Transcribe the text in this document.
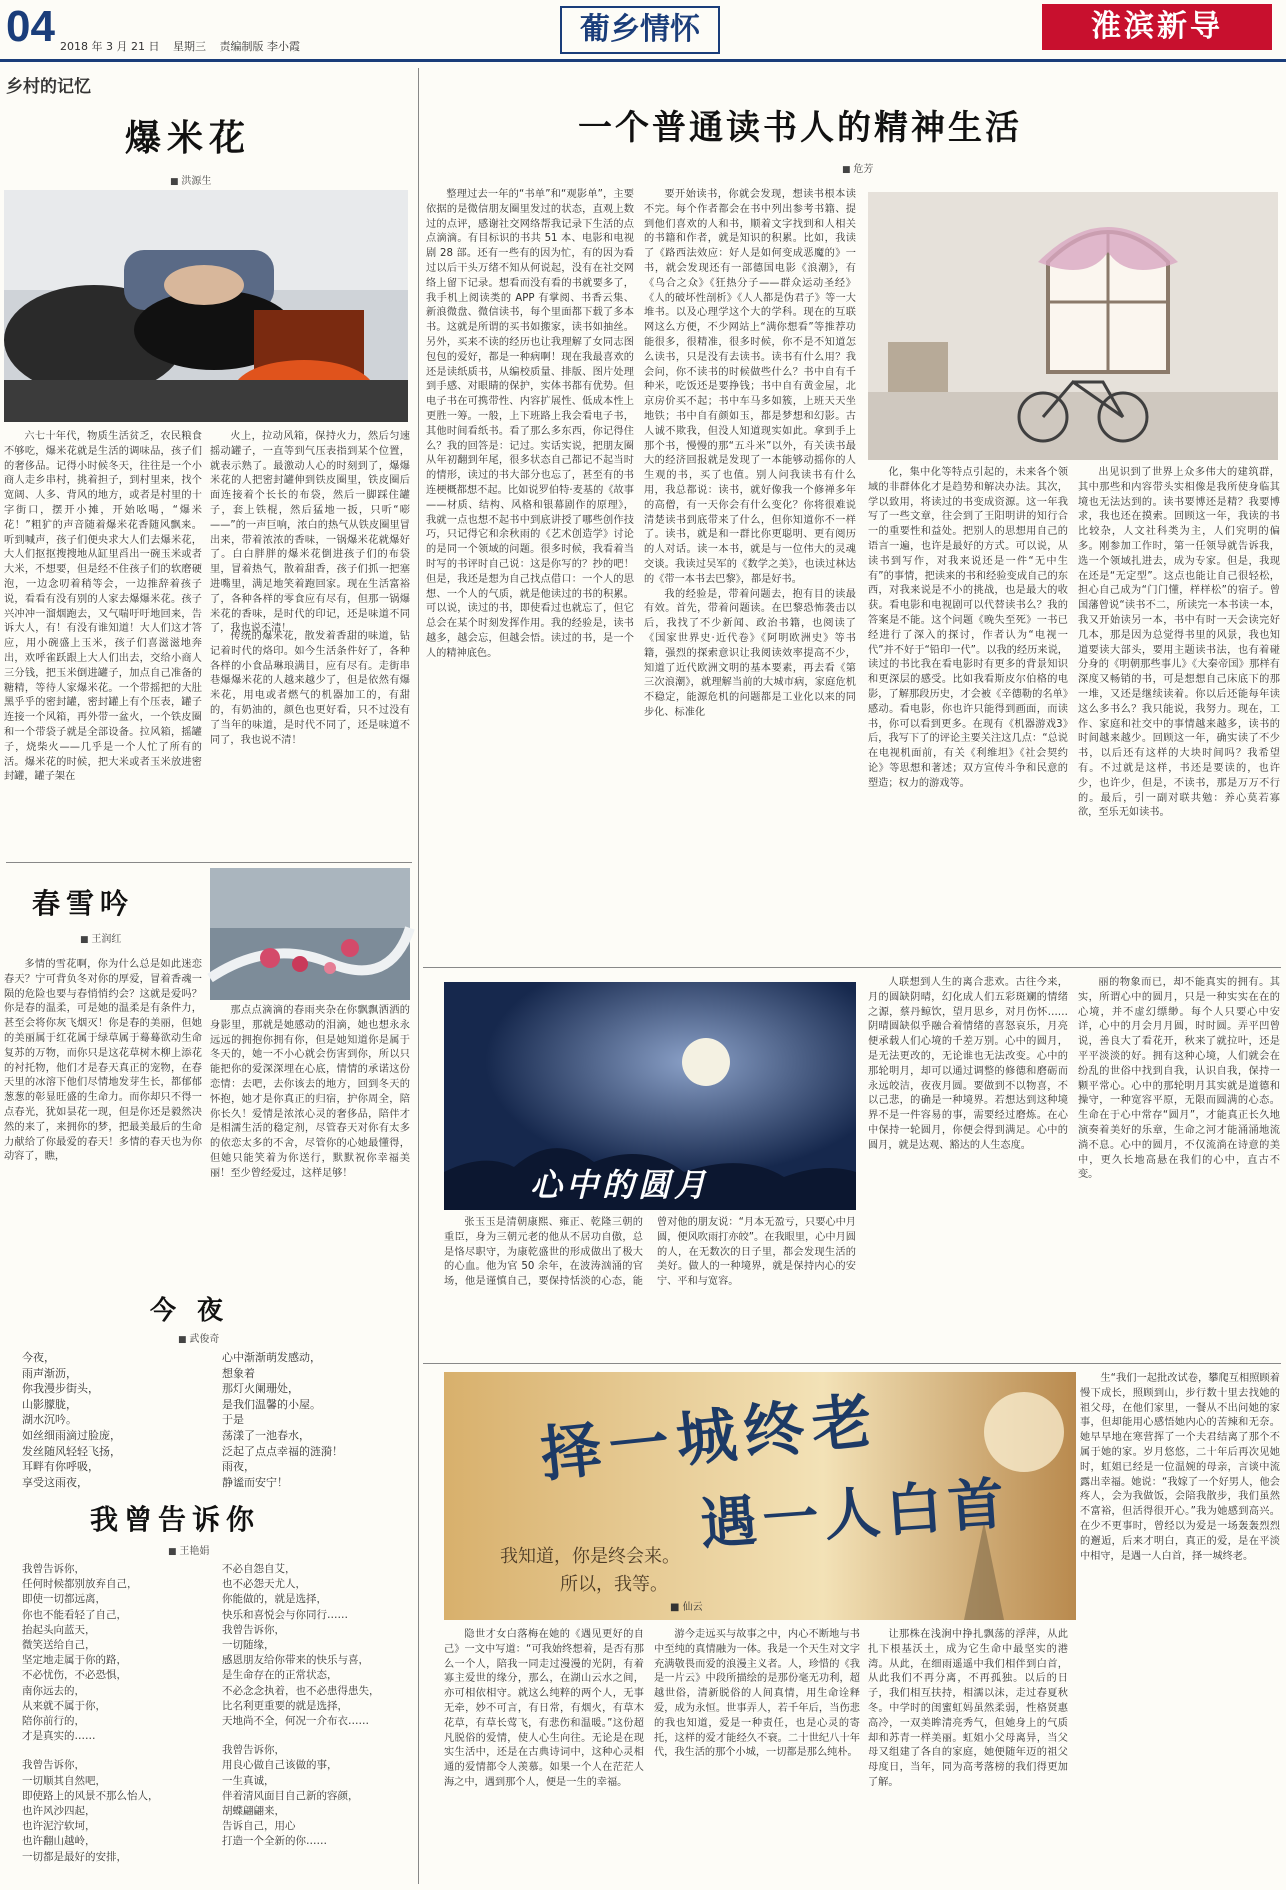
04 2018 年 3 月 21 日 星期三 责编制版 李小霞	葡乡情怀	淮滨新导
乡村的记忆
爆米花
■ 洪源生

六七十年代，物质生活贫乏，农民粮食不够吃，爆米花就是生活的调味品，孩子们的奢侈品。记得小时候冬天，往往是一个小商人走乡串村，挑着担子，到村里来，找个宽阔、人多、背风的地方，或者是村里的十字街口，摆开小摊，开始吆喝，“爆米花！”粗犷的声音随着爆米花香随风飘来。听到喊声，孩子们便央求大人们去爆米花，大人们抠抠搜搜地从缸里舀出一碗玉米或者大米，不想要，但是经不住孩子们的软磨硬泡，一边念叨着稍等会，一边推辞着孩子说，看看有没有别的人家去爆爆米花。孩子兴冲冲一溜烟跑去，又气喘吁吁地回来，告诉大人，有！有没有谁知道！大人们这才答应，用小碗盛上玉米，孩子们喜滋滋地奔出，欢呼雀跃跟上大人们出去，交给小商人三分钱，把玉米倒进罐子，加点自己准备的糖精，等待人家爆米花。一个带摇把的大肚黑乎乎的密封罐，密封罐上有个压表，罐子连接一个风箱，再外带一盆火，一个铁皮圈和一个带袋子就是全部设备。拉风箱，摇罐子，烧柴火——几乎是一个人忙了所有的活。爆米花的时候，把大米或者玉米放进密封罐，罐子架在

火上，拉动风箱，保持火力，然后匀速摇动罐子，一直等到气压表指到某个位置，就表示熟了。最激动人心的时刻到了，爆爆米花的人把密封罐伸到铁皮圈里，铁皮圈后面连接着个长长的布袋，然后一脚踩住罐子，套上铁棍，然后猛地一扳，只听“嘭——”的一声巨响，浓白的热气从铁皮圈里冒出来，带着浓浓的香味，一锅爆米花就爆好了。白白胖胖的爆米花倒进孩子们的布袋里，冒着热气，散着甜香，孩子们抓一把塞进嘴里，满足地笑着跑回家。现在生活富裕了，各种各样的零食应有尽有，但那一锅爆米花的香味，是时代的印记，还是味道不同了，我也说不清！

传统的爆米花，散发着香甜的味道，钻记着时代的烙印。如今生活条件好了，各种各样的小食品琳琅满目，应有尽有。走街串巷爆爆米花的人越来越少了，但是依然有爆米花，用电或者燃气的机器加工的，有甜的，有奶油的，颜色也更好看，只不过没有了当年的味道，是时代不同了，还是味道不同了，我也说不清！

春雪吟
■ 王润红

多情的雪花啊，你为什么总是如此迷恋春天？宁可背负冬对你的厚爱，冒着香魂一陨的危险也要与春悄悄约会？这就是爱吗？你是春的温柔，可是她的温柔是有条件力，甚至会将你灰飞烟灭！你是春的美丽，但她的美丽属于红花属于绿草属于蓦蓦欲动生命复苏的万物，而你只是这花草树木柳上添花的衬托物，他们才是春天真正的宠物，在春天里的冰溶下他们尽情地发芽生长，都郁郁葱葱的彰显旺盛的生命力。而你却只不得一点春光，犹如昙花一现，但是你还是毅然决然的来了，来拥你的梦，把最美最后的生命力献给了你最爱的春天！多情的春天也为你动容了，瞧，

那点点滴滴的春雨夹杂在你飘飘洒洒的身影里，那就是她感动的泪滴，她也想永永远远的拥抱你拥有你，但是她知道你是属于冬天的，她一不小心就会伤害到你，所以只能把你的爱深深埋在心底，情情的承诺这份恋情：去吧，去你该去的地方，回到冬天的怀抱，她才是你真正的归宿，护你周全，陪你长久！爱情是浓浓心灵的奢侈品，陪伴才是相濡生活的稳定剂，尽管春天对你有太多的依恋太多的不舍，尽管你的心她最懂得，但她只能笑着为你送行，默默祝你幸福美丽！至少曾经爱过，这样足够！

今 夜
■ 武俊奇
今夜，
雨声渐沥，
你我漫步街头，
山影朦胧，
湖水沉吟。
如丝细雨滴过脸庞，
发丝随风轻轻飞扬，
耳畔有你呼吸，
享受这雨夜，
心中渐渐萌发感动，
想象着
那灯火阑珊处，
是我们温馨的小屋。
于是
荡漾了一池春水，
泛起了点点幸福的涟漪！
雨夜，
静谧而安宁！
我曾告诉你
■ 王艳娟
我曾告诉你，
任何时候都别放弃自己，
即使一切都远离，
你也不能看轻了自己，
抬起头向蓝天，
微笑送给自己，
坚定地走属于你的路，
不必忧伤，不必恐惧，
南你远去的，
从来就不属于你，
陪你前行的，
才是真实的……
我曾告诉你，
一切顺其自然吧，
即使路上的风景不那么怡人，
也许风沙四起，
也许泥泞软坷，
也许翻山越岭，
一切都是最好的安排，
不必自怨自艾，
也不必怨天尤人，
你能做的，就是选择，
快乐和喜悦会与你同行……
我曾告诉你，
一切随缘，
感恩朋友给你带来的快乐与喜，
是生命存在的正常状态，
不必念念执着，也不必患得患失，
比名利更重要的就是选择，
天地尚不全，何况一介布衣……
我曾告诉你，
用良心做自己该做的事，
一生真诚，
伴着清风面目自己新的容颜，
胡蝶翩翩来，
告诉自己，用心
打造一个全新的你……
一个普通读书人的精神生活
■ 危芳

整理过去一年的“书单”和“观影单”，主要依据的是微信朋友圈里发过的状态，直观上数过的点评，感谢社交网络帮我记录下生活的点点滴滴。有目标识的书共 51 本、电影和电视剧 28 部。还有一些有的因为忙，有的因为看过以后干头万绪不知从何说起，没有在社交网络上留下记录。想看而没有看的书就要多了，我手机上阅读类的 APP 有掌阅、书香云集、新浪微盘、微信读书，每个里面都下载了多本书。这就是所谓的买书如搬家，读书如抽丝。另外，买来不读的经历也让我理解了女同志图包包的爱好，都是一种病啊！现在我最喜欢的还是读纸质书，从编校质量、排版、图片处理到手感、对眼睛的保护，实体书都有优势。但电子书在可携带性、内容扩展性、低成本性上更胜一筹。一般，上下班路上我会看电子书，其他时间看纸书。看了那么多东西，你记得住么？我的回答是：记过。实话实说，把朋友圈从年初翻到年尾，很多状态自己都记不起当时的情形，读过的书大部分也忘了，甚至有的书连梗概都想不起。比如说罗伯特·麦基的《故事——材质、结构、风格和银幕剧作的原理》，我就一点也想不起书中到底讲授了哪些创作技巧，只记得它和余秋雨的《艺术创造学》讨论的是同一个领域的问题。很多时候，我看着当时写的书评时自己说：这是你写的？抄的吧！但是，我还是想为自己找点借口：一个人的思想、一个人的气质，就是他读过的书的积累。可以说，读过的书，即使看过也就忘了，但它总会在某个时刻发挥作用。我的经验是，读书越多，越会忘，但越会悟。读过的书，是一个人的精神底色。

要开始读书，你就会发现，想读书根本读不完。每个作者都会在书中列出参考书籍、提到他们喜欢的人和书，顺着文字找到和人相关的书籍和作者，就是知识的积累。比如，我读了《路西法效应：好人是如何变成恶魔的》一书，就会发现还有一部德国电影《浪潮》，有《乌合之众》《狂热分子——群众运动圣经》《人的破坏性剖析》《人人都是伪君子》等一大堆书。以及心理学这个大的学科。现在的互联网这么方便，不少网站上“满你想看”等推荐功能很多，很精准，很多时候，你不是不知道怎么读书，只是没有去读书。读书有什么用？我会问，你不读书的时候做些什么？书中自有千种米，吃饭还是要挣钱；书中自有黄金屋，北京房价买不起；书中车马多如簇，上班天天坐地铁；书中自有颜如玉，都是梦想和幻影。古人诚不欺我，但没人知道现实如此。拿到手上那个书，慢慢的那“五斗米”以外，有关读书最大的经济回报就是发现了一本能够动摇你的人生观的书，买了也值。别人问我读书有什么用，我总都说：读书，就好像我一个修禅多年的高僧，有一天你会有什么变化？你将很难说清楚读书到底带来了什么，但你知道你不一样了。读书，就是和一群比你更聪明、更有阅历的人对话。读一本书，就是与一位伟大的灵魂交谈。我读过吴军的《数学之美》，也读过林达的《带一本书去巴黎》，都是好书。

我的经验是，带着问题去，抱有目的读最有效。首先，带着问题读。在巴黎恐怖袭击以后，我找了不少新闻、政治书籍，也阅读了《国家世界史·近代卷》《阿明欧洲史》等书籍，强烈的探索意识让我阅读效率提高不少，知道了近代欧洲文明的基本要素，再去看《第三次浪潮》，就理解当前的大城市病，家庭危机不稳定，能源危机的问题都是工业化以来的同步化、标准化

化，集中化等特点引起的，未来各个领域的非群体化才是趋势和解决办法。其次，学以致用，将读过的书变成资源。这一年我写了一些文章，往会到了王阳明讲的知行合一的重要性和益处。把别人的思想用自己的语言一遍，也许是最好的方式。可以说，从读书到写作，对我来说还是一件“无中生有”的事情，把读来的书和经验变成自己的东西，对我来说是不小的挑战，也是最大的收获。看电影和电视剧可以代替读书么？我的答案是不能。这个问题《晚失至死》一书已经进行了深入的探讨，作者认为“电视一代”并不好于“铅印一代”。以我的经历来说，读过的书比我在看电影时有更多的背景知识和更深层的感受。比如我看斯皮尔伯格的电影，了解那段历史，才会被《辛德勒的名单》感动。看电影，你也许只能得到画面，而读书，你可以看到更多。在现有《机器游戏3》后，我写下了的评论主要关注这几点：“总说在电视机面前，有关《利维坦》《社会契约论》等思想和著述；双方宣传斗争和民意的塑造；权力的游戏等。

出见识到了世界上众多伟大的建筑群，其中那些和内容带头实相像是我所使身临其境也无法达到的。读书要博还是精？我要博求，我也还在摸索。回顾这一年，我读的书比较杂，人文社科类为主，人们究明的偏多。刚参加工作时，第一任领导就告诉我，选一个领域扎进去，成为专家。但是，我现在还是“无定型”。这点也能让自己很轻松，担心自己成为“门门懂，样样松”的宿子。曾国藩曾说“读书不二，所读完一本书读一本，我又开始读另一本，书中有时一天会读完好几本，那是因为总觉得书里的风景，我也知道要读大部头，要用主题读书法，也有着碰分身的《明朝那些事儿》《大秦帝国》那样有深度又畅销的书，可是想想自己床底下的那一堆，又还是继续读着。你以后还能每年读这么多书么？我只能说，我努力。现在，工作、家庭和社交中的事情越来越多，读书的时间越来越少。回顾这一年，确实读了不少书，以后还有这样的大块时间吗？我希望有。不过就是这样，书还是要读的，也许少，也许少，但是，不读书，那是万万不行的。最后，引一副对联共勉：养心莫若寡欲，至乐无如读书。

心中的圆月
■ 李翔

张玉玉是清朝康熙、雍正、乾隆三朝的重臣，身为三朝元老的他从不居功自傲，总是恪尽职守，为康乾盛世的形成做出了极大的心血。他为官 50 余年，在波涛汹涌的官场，他是谨慎自己，要保持恬淡的心态，能曾对他的朋友说：“月本无盈亏，只要心中月圆，便风吹雨打亦皎”。在我眼里，心中月圆的人，在无数次的日子里，都会发现生活的美好。做人的一种境界，就是保持内心的安宁、平和与宽容。

人联想到人生的离合悲欢。古往今来，月的圆缺阴晴，幻化成人们五彩斑斓的情绪之源，蔡丹鲸饮，望月思乡，对月伤怀……阴晴圆缺似乎融合着情绪的喜怒哀乐，月亮便承载人们心境的千差万别。心中的圆月，是无法更改的，无论谁也无法改变。心中的那轮明月，却可以通过调整的修德和磨砺而永远皎洁，夜夜月圆。要做到不以物喜，不以己悲，的确是一种境界。若想达到这种境界不是一件容易的事，需要经过磨炼。在心中保持一轮圆月，你便会得到满足。心中的圆月，就是达观、豁达的人生态度。

丽的物象而已，却不能真实的拥有。其实，所谓心中的圆月，只是一种实实在在的心境，并不虚幻缥缈。每个人只要心中安详，心中的月会月月圆，时时圆。弄平凹曾说，善良大了看花开，秋来了就拉叶，还是平平淡淡的好。拥有这种心境，人们就会在纷乱的世俗中找到自我，认识自我，保持一颗平常心。心中的那轮明月其实就是道德和操守，一种宽容平原，无限而圆满的心态。生命在于心中常存“圆月”，才能真正长久地演奏着美好的乐章，生命之河才能涌涌地流淌不息。心中的圆月，不仅流淌在诗意的美中，更久长地高悬在我们的心中，直古不变。

择一城终老
遇一人白首
我知道，你是终会来。
所以，我等。
■ 仙云

隐世才女白落梅在她的《遇见更好的自己》一文中写道：“可我始终想着，是否有那么一个人，陪我一同走过漫漫的光阴，有着寡主爱世的缘分，那么，在湖山云水之间，亦可相依相守。就这么纯粹的两个人，无事无牵，妙不可言，有日常，有烟火，有草木花草，有草长莺飞，有悲伤和温暖。”这份超凡脱俗的爱情，使人心生向往。无论是在现实生活中，还是在古典诗词中，这种心灵相通的爱情都令人羡慕。如果一个人在茫茫人海之中，遇到那个人，便是一生的幸福。

游今走远买与故事之中，内心不断地与书中至纯的真情融为一体。我是一个天生对文字充满敬畏而爱的浪漫主义者。人，珍惜的《我是一片云》中段所描绘的是那份毫无功利，超越世俗，清新脱俗的人间真情，用生命诠释爱，成为永恒。世事弄人，若千年后，当伤悲的我也知道，爱是一种责任，也是心灵的寄托，这样的爱才能经久不衰。二十世纪八十年代，我生活的那个小城，一切都是那么纯朴。

让那株在浅涧中挣扎飘荡的浮萍，从此扎下根基沃土，成为它生命中最坚实的港湾。从此，在细雨遥遥中我们相伴到白首，从此我们不再分离，不再孤独。以后的日子，我们相互扶持，相濡以沫，走过春夏秋冬。中学时的闺蜜虹妈虽然柔弱，性格贤惠高冷，一双美眸清亮秀气，但她身上的气质却和苏青一样美丽。虹姐小父母离异，当父母又组建了各自的家庭，她便随年迈的祖父母度日，当年，同为高考落榜的我们得更加了解。

生“我们一起批改试卷，攀爬互相照顾着慢下成长，照顾到山，步行数十里去找她的祖父母，在他们家里，一餐从不出问她的家事，但却能用心感悟她内心的苦辣和无奈。她早早地在寒营挥了一个夫君结离了那个不属于她的家。岁月悠悠，二十年后再次见她时，虹姐已经是一位温婉的母亲，言谈中流露出幸福。她说：“我嫁了一个好男人，他会疼人，会为我做饭，会陪我散步，我们虽然不富裕，但活得很开心。”我为她感到高兴。在少不更事时，曾经以为爱是一场轰轰烈烈的邂逅，后来才明白，真正的爱，是在平淡中相守，是遇一人白首，择一城终老。
